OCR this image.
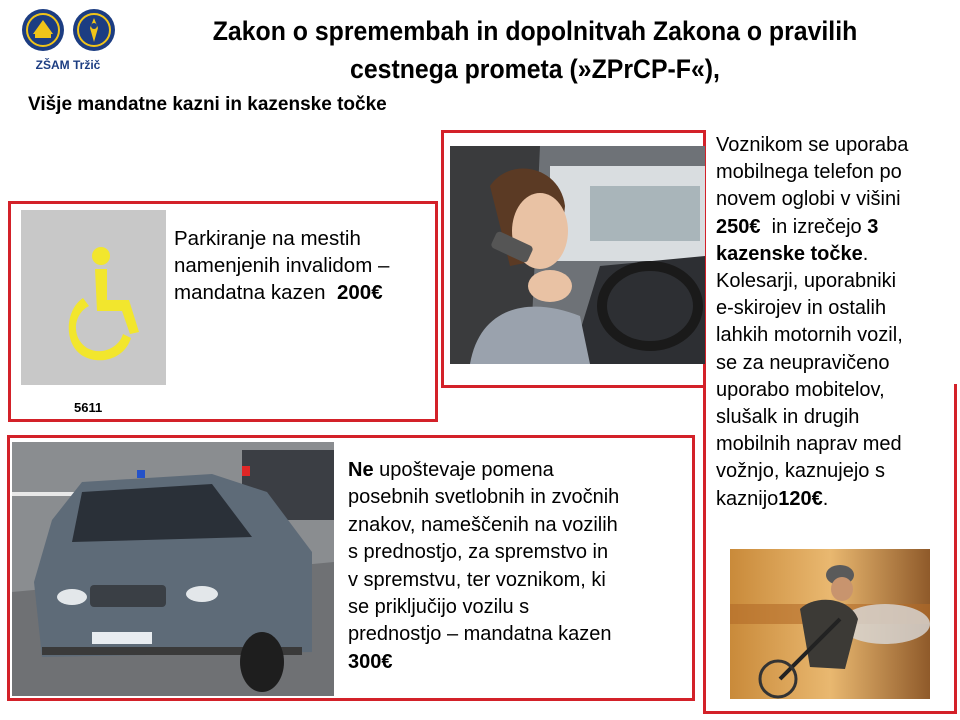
ZŠAM Tržič
Zakon o spremembah in dopolnitvah Zakona o pravilih
cestnega prometa (»ZPrCP-F«),
Višje mandatne kazni in kazenske točke
5611
Parkiranje na mestih
namenjenih invalidom –
mandatna kazen 200€
Voznikom se uporaba
mobilnega telefon po
novem oglobi v višini
250€ in izrečejo 3
kazenske točke.
Kolesarji, uporabniki
e-skirojev in ostalih
lahkih motornih vozil,
se za neupravičeno
uporabo mobitelov,
slušalk in drugih
mobilnih naprav med
vožnjo, kaznujejo s
kaznijo120€.
Ne upoštevaje pomena
posebnih svetlobnih in zvočnih
znakov, nameščenih na vozilih
s prednostjo, za spremstvo in
v spremstvu, ter voznikom, ki
se priključijo vozilu s
prednostjo – mandatna kazen
300€
